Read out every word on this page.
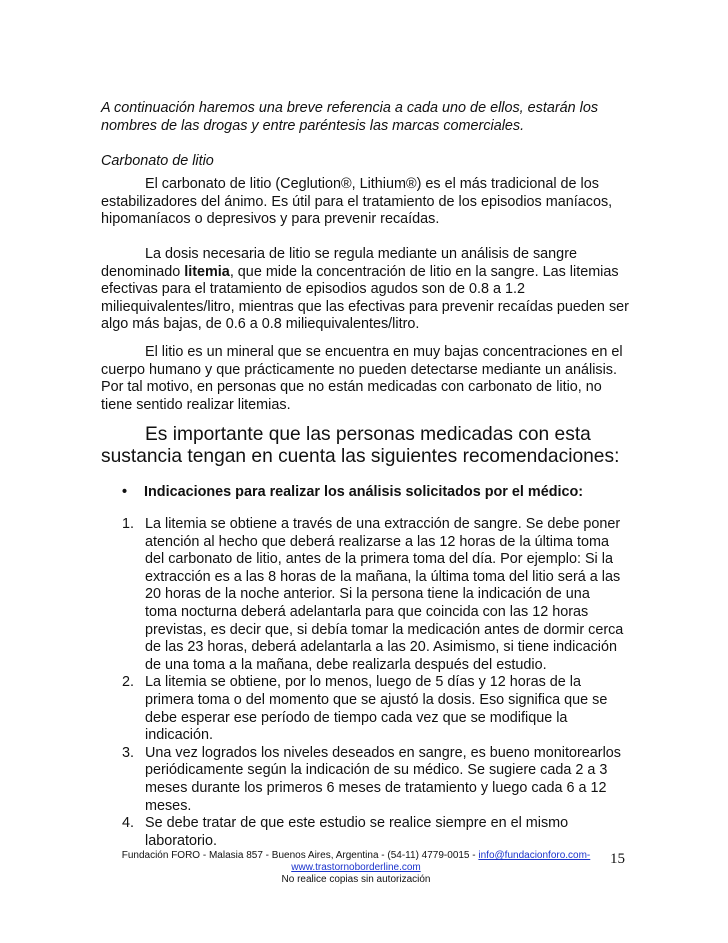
A continuación haremos una breve referencia a cada uno de ellos, estarán los
nombres de las drogas y entre paréntesis las marcas comerciales.
Carbonato de litio

El carbonato de litio (Ceglution®, Lithium®) es el más tradicional de los estabilizadores del ánimo. Es útil para el tratamiento de los episodios maníacos, hipomaníacos o depresivos y para prevenir recaídas.

La dosis necesaria de litio se regula mediante un análisis de sangre denominado litemia, que mide la concentración de litio en la sangre. Las litemias efectivas para el tratamiento de episodios agudos son de 0.8 a 1.2 miliequivalentes/litro, mientras que las efectivas para prevenir recaídas pueden ser algo más bajas, de 0.6 a 0.8 miliequivalentes/litro.

El litio es un mineral que se encuentra en muy bajas concentraciones en el cuerpo humano y que prácticamente no pueden detectarse mediante un análisis. Por tal motivo, en personas que no están medicadas con carbonato de litio, no tiene sentido realizar litemias.

Es importante que las personas medicadas con esta sustancia tengan en cuenta las siguientes recomendaciones:

• Indicaciones para realizar los análisis solicitados por el médico:
1. La litemia se obtiene a través de una extracción de sangre. Se debe poner atención al hecho que deberá realizarse a las 12 horas de la última toma del carbonato de litio, antes de la primera toma del día. Por ejemplo: Si la extracción es a las 8 horas de la mañana, la última toma del litio será a las 20 horas de la noche anterior. Si la persona tiene la indicación de una toma nocturna deberá adelantarla para que coincida con las 12 horas previstas, es decir que, si debía tomar la medicación antes de dormir cerca de las 23 horas, deberá adelantarla a las 20. Asimismo, si tiene indicación de una toma a la mañana, debe realizarla después del estudio.
2. La litemia se obtiene, por lo menos, luego de 5 días y 12 horas de la primera toma o del momento que se ajustó la dosis. Eso significa que se debe esperar ese período de tiempo cada vez que se modifique la indicación.
3. Una vez logrados los niveles deseados en sangre, es bueno monitorearlos periódicamente según la indicación de su médico. Se sugiere cada 2 a 3 meses durante los primeros 6 meses de tratamiento y luego cada 6 a 12 meses.
4. Se debe tratar de que este estudio se realice siempre en el mismo laboratorio.
Fundación FORO - Malasia 857 - Buenos Aires, Argentina - (54-11) 4779-0015 - info@fundacionforo.com-
www.trastornoborderline.com
No realice copias sin autorización
15
